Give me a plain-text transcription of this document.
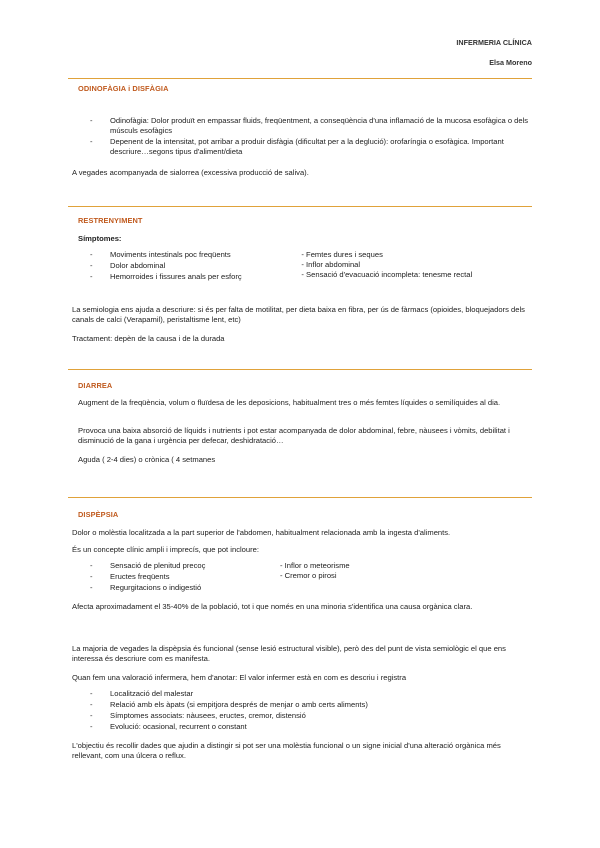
INFERMERIA CLÍNICA
Elsa Moreno
ODINOFÀGIA i DISFÀGIA
- Odinofàgia: Dolor produït en empassar fluids, freqüentment, a conseqüència d'una inflamació de la mucosa esofàgica o dels músculs esofàgics
- Depenent de la intensitat, pot arribar a produir disfàgia (dificultat per a la deglució): orofaríngia o esofàgica. Important descriure…segons tipus d'aliment/dieta
A vegades acompanyada de sialorrea (excessiva producció de saliva).
RESTRENYIMENT
Símptomes:
- Moviments intestinals poc freqüents
- Dolor abdominal
- Hemorroides i fissures anals per esforç
- Femtes dures i seques
- Inflor abdominal
- Sensació d'evacuació incompleta: tenesme rectal
La semiologia ens ajuda a descriure: si és per falta de motilitat, per dieta baixa en fibra, per ús de fàrmacs (opioides, bloquejadors dels canals de calci (Verapamil), peristaltisme lent, etc)
Tractament: depèn de la causa i de la durada
DIARREA
Augment de la freqüència, volum o fluïdesa de les deposicions, habitualment tres o més femtes líquides o semilíquides al dia.
Provoca una baixa absorció de líquids i nutrients i pot estar acompanyada de dolor abdominal, febre, nàusees i vòmits, debilitat i disminució de la gana i urgència per defecar, deshidratació…
Aguda ( 2-4 dies) o crònica ( 4 setmanes
DISPÈPSIA
Dolor o molèstia localitzada a la part superior de l'abdomen, habitualment relacionada amb la ingesta d'aliments.
És un concepte clínic ampli i imprecís, que pot incloure:
- Sensació de plenitud precoç
- Eructes freqüents
- Regurgitacions o indigestió
- Inflor o meteorisme
- Cremor o pirosi
Afecta aproximadament el 35-40% de la població, tot i que només en una minoria s'identifica una causa orgànica clara.
La majoria de vegades la dispèpsia és funcional (sense lesió estructural visible), però des del punt de vista semiològic el que ens interessa és descriure com es manifesta.
Quan fem una valoració infermera, hem d'anotar: El valor infermer està en com es descriu i registra
- Localització del malestar
- Relació amb els àpats (si empitjora després de menjar o amb certs aliments)
- Símptomes associats: nàusees, eructes, cremor, distensió
- Evolució: ocasional, recurrent o constant
L'objectiu és recollir dades que ajudin a distingir si pot ser una molèstia funcional o un signe inicial d'una alteració orgànica més rellevant, com una úlcera o reflux.
